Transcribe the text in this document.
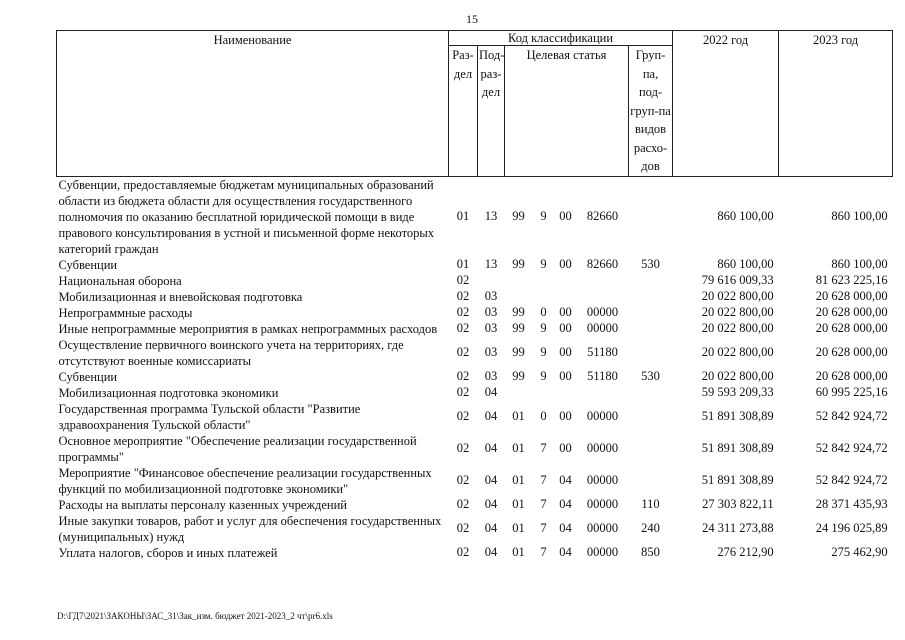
15
Наименование	Код классификации							2022 год	2023 год
	Раз-дел	Под-раз-дел	Целевая статья				Груп-па, под-груп-па видов расхо-дов		
Субвенции, предоставляемые бюджетам муниципальных образований области из бюджета области для осуществления государственного полномочия по оказанию бесплатной юридической помощи в виде правового консультирования в устной и письменной форме некоторых категорий граждан	01	13	99	9	00	82660		860 100,00	860 100,00
Субвенции	01	13	99	9	00	82660	530	860 100,00	860 100,00
Национальная оборона	02							79 616 009,33	81 623 225,16
Мобилизационная и вневойсковая подготовка	02	03						20 022 800,00	20 628 000,00
Непрограммные расходы	02	03	99	0	00	00000		20 022 800,00	20 628 000,00
Иные непрограммные мероприятия в рамках непрограммных расходов	02	03	99	9	00	00000		20 022 800,00	20 628 000,00
Осуществление первичного воинского учета на территориях, где отсутствуют военные комиссариаты	02	03	99	9	00	51180		20 022 800,00	20 628 000,00
Субвенции	02	03	99	9	00	51180	530	20 022 800,00	20 628 000,00
Мобилизационная подготовка экономики	02	04						59 593 209,33	60 995 225,16
Государственная программа Тульской области "Развитие здравоохранения Тульской области"	02	04	01	0	00	00000		51 891 308,89	52 842 924,72
Основное мероприятие "Обеспечение реализации государственной программы"	02	04	01	7	00	00000		51 891 308,89	52 842 924,72
Мероприятие "Финансовое обеспечение реализации государственных функций по мобилизационной подготовке экономики"	02	04	01	7	04	00000		51 891 308,89	52 842 924,72
Расходы на выплаты персоналу казенных учреждений	02	04	01	7	04	00000	110	27 303 822,11	28 371 435,93
Иные закупки товаров, работ и услуг для обеспечения государственных (муниципальных) нужд	02	04	01	7	04	00000	240	24 311 273,88	24 196 025,89
Уплата налогов, сборов и иных платежей	02	04	01	7	04	00000	850	276 212,90	275 462,90
D:\ГД7\2021\ЗАКОНЫ\ЗАС_31\Зак_изм. бюджет 2021-2023_2 чт\pr6.xls
